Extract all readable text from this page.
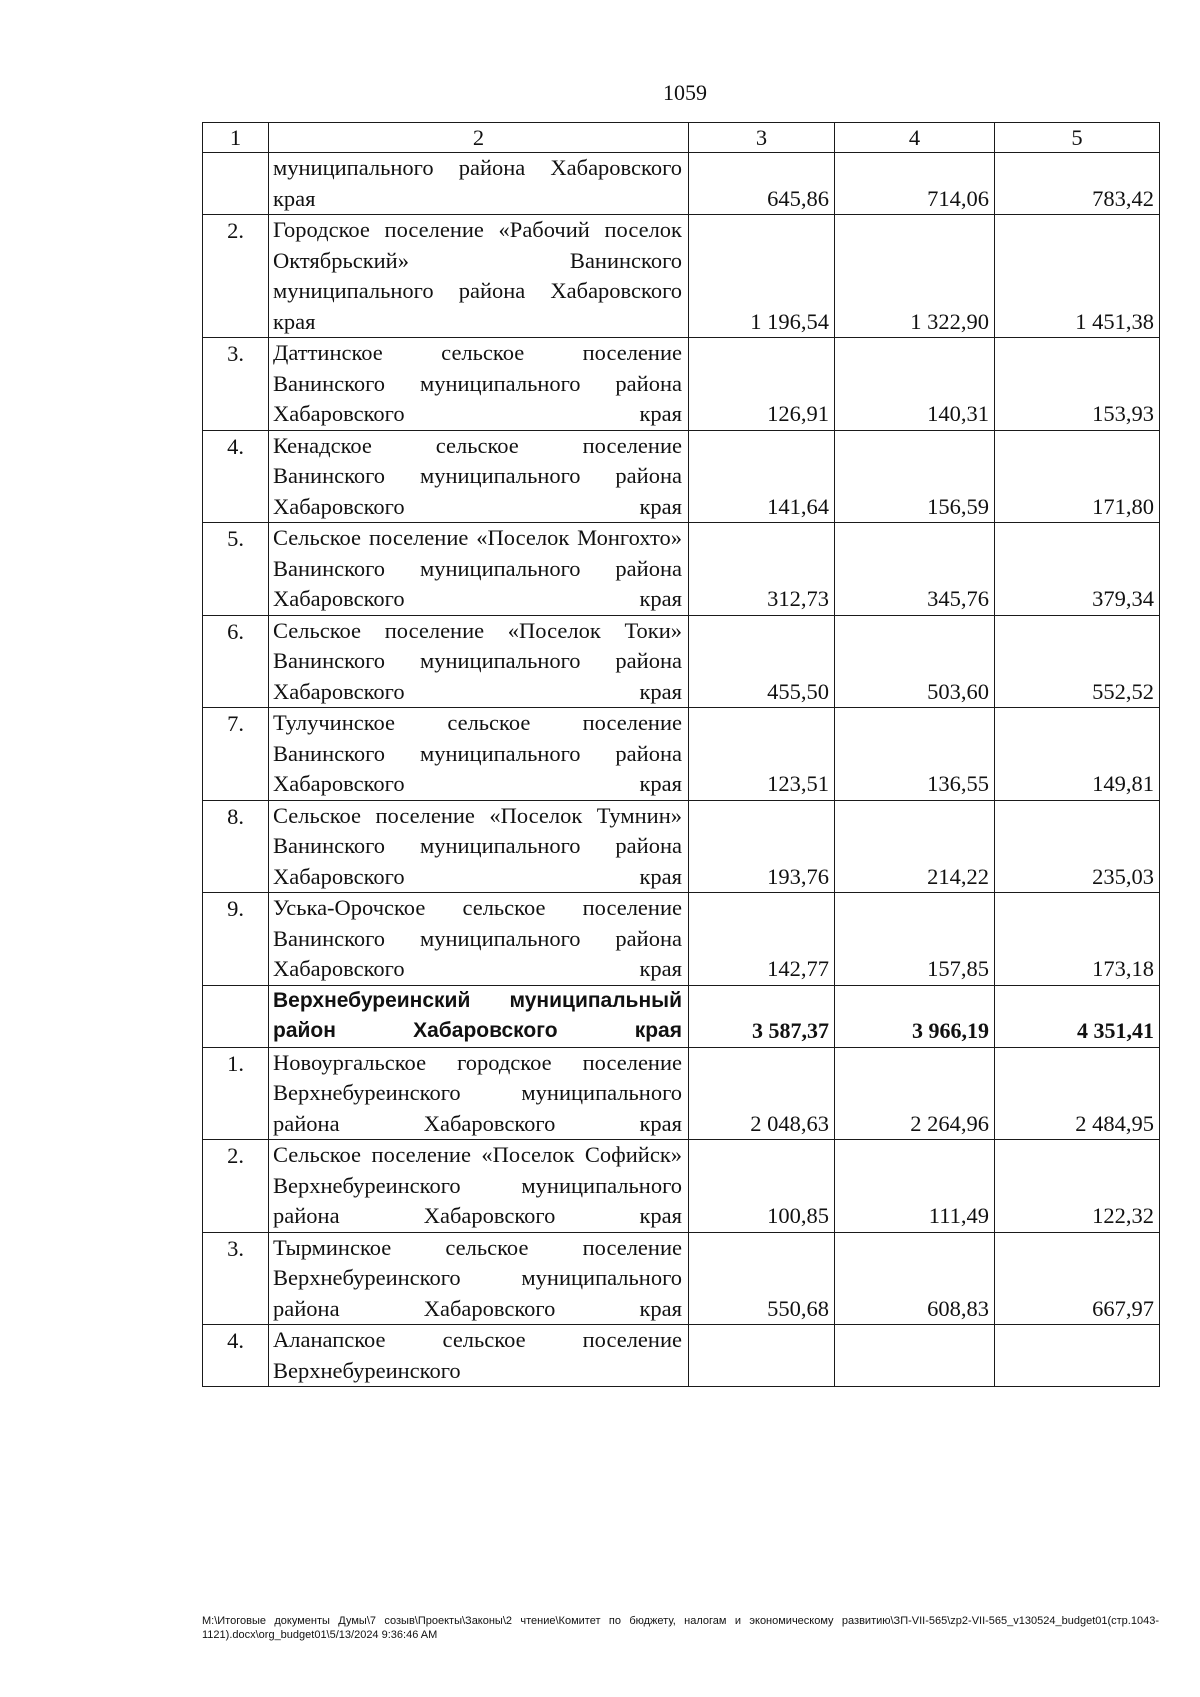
1059
1	2	3	4	5

	муниципального района Хабаровского края	645,86	714,06	783,42
2.	Городское поселение «Рабочий поселок Октябрьский» Ванинского муниципального района Хабаровского края	1 196,54	1 322,90	1 451,38
3.	Даттинское сельское поселение Ванинского муниципального района Хабаровского края	126,91	140,31	153,93
4.	Кенадское сельское поселение Ванинского муниципального района Хабаровского края	141,64	156,59	171,80
5.	Сельское поселение «Поселок Монгохто» Ванинского муниципального района Хабаровского края	312,73	345,76	379,34
6.	Сельское поселение «Поселок Токи» Ванинского муниципального района Хабаровского края	455,50	503,60	552,52
7.	Тулучинское сельское поселение Ванинского муниципального района Хабаровского края	123,51	136,55	149,81
8.	Сельское поселение «Поселок Тумнин» Ванинского муниципального района Хабаровского края	193,76	214,22	235,03
9.	Уська-Орочское сельское поселение Ванинского муниципального района Хабаровского края	142,77	157,85	173,18

	Верхнебуреинский муниципальный район Хабаровского края	3 587,37	3 966,19	4 351,41
1.	Новоургальское городское поселение Верхнебуреинского муниципального района Хабаровского края	2 048,63	2 264,96	2 484,95
2.	Сельское поселение «Поселок Софийск» Верхнебуреинского муниципального района Хабаровского края	100,85	111,49	122,32
3.	Тырминское сельское поселение Верхнебуреинского муниципального района Хабаровского края	550,68	608,83	667,97
4.	Аланапское сельское поселение Верхнебуреинского			

М:\Итоговые документы Думы\7 созыв\Проекты\Законы\2 чтение\Комитет по бюджету, налогам и экономическому развитию\ЗП-VII-565\zp2-VII-565_v130524_budget01(стр.1043-1121).docx\org_budget01\5/13/2024 9:36:46 AM
